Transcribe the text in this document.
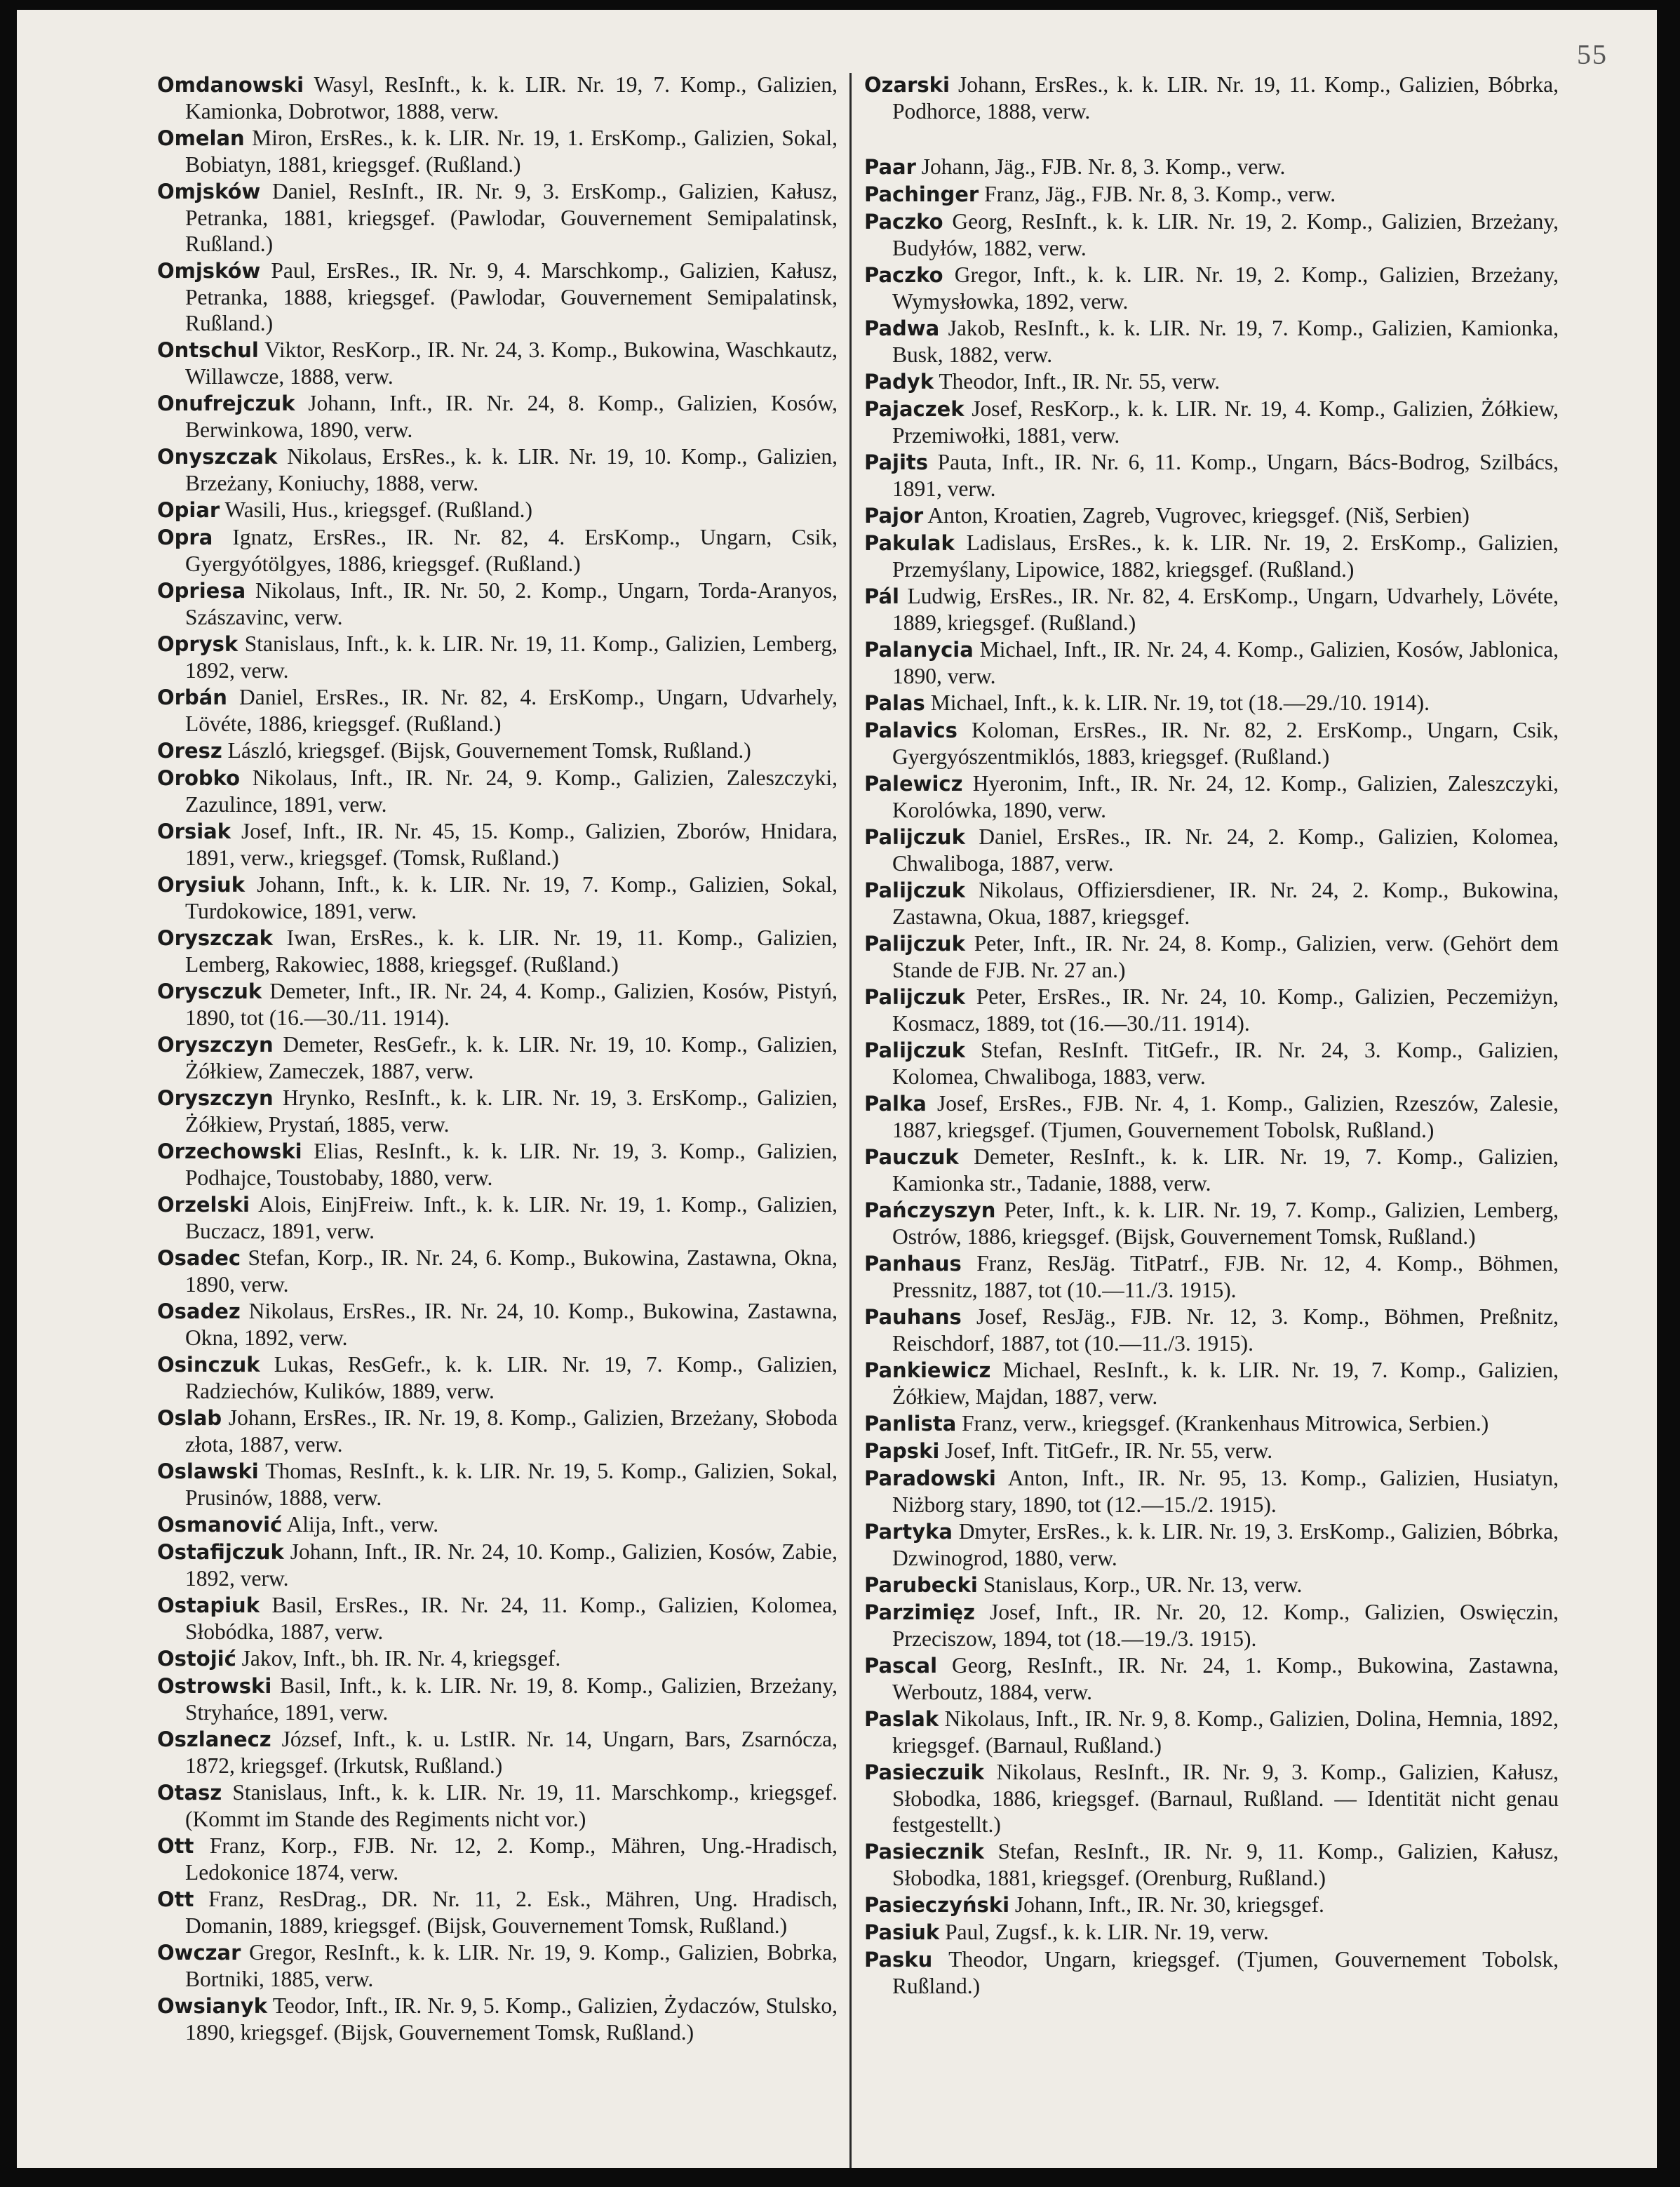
55

Omdanowski Wasyl, ResInft., k. k. LIR. Nr. 19, 7. Komp., Galizien, Kamionka, Dobrotwor, 1888, verw.

Omelan Miron, ErsRes., k. k. LIR. Nr. 19, 1. ErsKomp., Galizien, Sokal, Bobiatyn, 1881, kriegsgef. (Rußland.)

Omjsków Daniel, ResInft., IR. Nr. 9, 3. ErsKomp., Galizien, Kałusz, Petranka, 1881, kriegsgef. (Pawlodar, Gouvernement Semipalatinsk, Rußland.)

Omjsków Paul, ErsRes., IR. Nr. 9, 4. Marschkomp., Galizien, Kałusz, Petranka, 1888, kriegsgef. (Pawlodar, Gouvernement Semipalatinsk, Rußland.)

Ontschul Viktor, ResKorp., IR. Nr. 24, 3. Komp., Bukowina, Waschkautz, Willawcze, 1888, verw.

Onufrejczuk Johann, Inft., IR. Nr. 24, 8. Komp., Galizien, Kosów, Berwinkowa, 1890, verw.

Onyszczak Nikolaus, ErsRes., k. k. LIR. Nr. 19, 10. Komp., Galizien, Brzeżany, Koniuchy, 1888, verw.

Opiar Wasili, Hus., kriegsgef. (Rußland.)

Opra Ignatz, ErsRes., IR. Nr. 82, 4. ErsKomp., Ungarn, Csik, Gyergyótölgyes, 1886, kriegsgef. (Rußland.)

Opriesa Nikolaus, Inft., IR. Nr. 50, 2. Komp., Ungarn, Torda-Aranyos, Szászavinc, verw.

Oprysk Stanislaus, Inft., k. k. LIR. Nr. 19, 11. Komp., Galizien, Lemberg, 1892, verw.

Orbán Daniel, ErsRes., IR. Nr. 82, 4. ErsKomp., Ungarn, Udvarhely, Lövéte, 1886, kriegsgef. (Rußland.)

Oresz László, kriegsgef. (Bijsk, Gouvernement Tomsk, Rußland.)

Orobko Nikolaus, Inft., IR. Nr. 24, 9. Komp., Galizien, Zaleszczyki, Zazulince, 1891, verw.

Orsiak Josef, Inft., IR. Nr. 45, 15. Komp., Galizien, Zborów, Hnidara, 1891, verw., kriegsgef. (Tomsk, Rußland.)

Orysiuk Johann, Inft., k. k. LIR. Nr. 19, 7. Komp., Galizien, Sokal, Turdokowice, 1891, verw.

Oryszczak Iwan, ErsRes., k. k. LIR. Nr. 19, 11. Komp., Galizien, Lemberg, Rakowiec, 1888, kriegsgef. (Rußland.)

Orysczuk Demeter, Inft., IR. Nr. 24, 4. Komp., Galizien, Kosów, Pistyń, 1890, tot (16.—30./11. 1914).

Oryszczyn Demeter, ResGefr., k. k. LIR. Nr. 19, 10. Komp., Galizien, Żółkiew, Zameczek, 1887, verw.

Oryszczyn Hrynko, ResInft., k. k. LIR. Nr. 19, 3. ErsKomp., Galizien, Żółkiew, Prystań, 1885, verw.

Orzechowski Elias, ResInft., k. k. LIR. Nr. 19, 3. Komp., Galizien, Podhajce, Toustobaby, 1880, verw.

Orzelski Alois, EinjFreiw. Inft., k. k. LIR. Nr. 19, 1. Komp., Galizien, Buczacz, 1891, verw.

Osadec Stefan, Korp., IR. Nr. 24, 6. Komp., Bukowina, Zastawna, Okna, 1890, verw.

Osadez Nikolaus, ErsRes., IR. Nr. 24, 10. Komp., Bukowina, Zastawna, Okna, 1892, verw.

Osinczuk Lukas, ResGefr., k. k. LIR. Nr. 19, 7. Komp., Galizien, Radziechów, Kulików, 1889, verw.

Oslab Johann, ErsRes., IR. Nr. 19, 8. Komp., Galizien, Brzeżany, Słoboda złota, 1887, verw.

Oslawski Thomas, ResInft., k. k. LIR. Nr. 19, 5. Komp., Galizien, Sokal, Prusinów, 1888, verw.

Osmanović Alija, Inft., verw.

Ostafijczuk Johann, Inft., IR. Nr. 24, 10. Komp., Galizien, Kosów, Zabie, 1892, verw.

Ostapiuk Basil, ErsRes., IR. Nr. 24, 11. Komp., Galizien, Kolomea, Słobódka, 1887, verw.

Ostojić Jakov, Inft., bh. IR. Nr. 4, kriegsgef.

Ostrowski Basil, Inft., k. k. LIR. Nr. 19, 8. Komp., Galizien, Brzeżany, Stryhańce, 1891, verw.

Oszlanecz József, Inft., k. u. LstIR. Nr. 14, Ungarn, Bars, Zsarnócza, 1872, kriegsgef. (Irkutsk, Rußland.)

Otasz Stanislaus, Inft., k. k. LIR. Nr. 19, 11. Marschkomp., kriegsgef. (Kommt im Stande des Regiments nicht vor.)

Ott Franz, Korp., FJB. Nr. 12, 2. Komp., Mähren, Ung.-Hradisch, Ledokonice 1874, verw.

Ott Franz, ResDrag., DR. Nr. 11, 2. Esk., Mähren, Ung. Hradisch, Domanin, 1889, kriegsgef. (Bijsk, Gouvernement Tomsk, Rußland.)

Owczar Gregor, ResInft., k. k. LIR. Nr. 19, 9. Komp., Galizien, Bobrka, Bortniki, 1885, verw.

Owsianyk Teodor, Inft., IR. Nr. 9, 5. Komp., Galizien, Żydaczów, Stulsko, 1890, kriegsgef. (Bijsk, Gouvernement Tomsk, Rußland.)

Ozarski Johann, ErsRes., k. k. LIR. Nr. 19, 11. Komp., Galizien, Bóbrka, Podhorce, 1888, verw.

Paar Johann, Jäg., FJB. Nr. 8, 3. Komp., verw.

Pachinger Franz, Jäg., FJB. Nr. 8, 3. Komp., verw.

Paczko Georg, ResInft., k. k. LIR. Nr. 19, 2. Komp., Galizien, Brzeżany, Budyłów, 1882, verw.

Paczko Gregor, Inft., k. k. LIR. Nr. 19, 2. Komp., Galizien, Brzeżany, Wymysłowka, 1892, verw.

Padwa Jakob, ResInft., k. k. LIR. Nr. 19, 7. Komp., Galizien, Kamionka, Busk, 1882, verw.

Padyk Theodor, Inft., IR. Nr. 55, verw.

Pajaczek Josef, ResKorp., k. k. LIR. Nr. 19, 4. Komp., Galizien, Żółkiew, Przemiwołki, 1881, verw.

Pajits Pauta, Inft., IR. Nr. 6, 11. Komp., Ungarn, Bács-Bodrog, Szilbács, 1891, verw.

Pajor Anton, Kroatien, Zagreb, Vugrovec, kriegsgef. (Niš, Serbien)

Pakulak Ladislaus, ErsRes., k. k. LIR. Nr. 19, 2. ErsKomp., Galizien, Przemyślany, Lipowice, 1882, kriegsgef. (Rußland.)

Pál Ludwig, ErsRes., IR. Nr. 82, 4. ErsKomp., Ungarn, Udvarhely, Lövéte, 1889, kriegsgef. (Rußland.)

Palanycia Michael, Inft., IR. Nr. 24, 4. Komp., Galizien, Kosów, Jablonica, 1890, verw.

Palas Michael, Inft., k. k. LIR. Nr. 19, tot (18.—29./10. 1914).

Palavics Koloman, ErsRes., IR. Nr. 82, 2. ErsKomp., Ungarn, Csik, Gyergyószentmiklós, 1883, kriegsgef. (Rußland.)

Palewicz Hyeronim, Inft., IR. Nr. 24, 12. Komp., Galizien, Zaleszczyki, Korolówka, 1890, verw.

Palijczuk Daniel, ErsRes., IR. Nr. 24, 2. Komp., Galizien, Kolomea, Chwaliboga, 1887, verw.

Palijczuk Nikolaus, Offiziersdiener, IR. Nr. 24, 2. Komp., Bukowina, Zastawna, Okua, 1887, kriegsgef.

Palijczuk Peter, Inft., IR. Nr. 24, 8. Komp., Galizien, verw. (Gehört dem Stande de FJB. Nr. 27 an.)

Palijczuk Peter, ErsRes., IR. Nr. 24, 10. Komp., Galizien, Peczemiżyn, Kosmacz, 1889, tot (16.—30./11. 1914).

Palijczuk Stefan, ResInft. TitGefr., IR. Nr. 24, 3. Komp., Galizien, Kolomea, Chwaliboga, 1883, verw.

Palka Josef, ErsRes., FJB. Nr. 4, 1. Komp., Galizien, Rzeszów, Zalesie, 1887, kriegsgef. (Tjumen, Gouvernement Tobolsk, Rußland.)

Pauczuk Demeter, ResInft., k. k. LIR. Nr. 19, 7. Komp., Galizien, Kamionka str., Tadanie, 1888, verw.

Pańczyszyn Peter, Inft., k. k. LIR. Nr. 19, 7. Komp., Galizien, Lemberg, Ostrów, 1886, kriegsgef. (Bijsk, Gouvernement Tomsk, Rußland.)

Panhaus Franz, ResJäg. TitPatrf., FJB. Nr. 12, 4. Komp., Böhmen, Pressnitz, 1887, tot (10.—11./3. 1915).

Pauhans Josef, ResJäg., FJB. Nr. 12, 3. Komp., Böhmen, Preßnitz, Reischdorf, 1887, tot (10.—11./3. 1915).

Pankiewicz Michael, ResInft., k. k. LIR. Nr. 19, 7. Komp., Galizien, Żółkiew, Majdan, 1887, verw.

Panlista Franz, verw., kriegsgef. (Krankenhaus Mitrowica, Serbien.)

Papski Josef, Inft. TitGefr., IR. Nr. 55, verw.

Paradowski Anton, Inft., IR. Nr. 95, 13. Komp., Galizien, Husiatyn, Niżborg stary, 1890, tot (12.—15./2. 1915).

Partyka Dmyter, ErsRes., k. k. LIR. Nr. 19, 3. ErsKomp., Galizien, Bóbrka, Dzwinogrod, 1880, verw.

Parubecki Stanislaus, Korp., UR. Nr. 13, verw.

Parzimięz Josef, Inft., IR. Nr. 20, 12. Komp., Galizien, Oswięczin, Przeciszow, 1894, tot (18.—19./3. 1915).

Pascal Georg, ResInft., IR. Nr. 24, 1. Komp., Bukowina, Zastawna, Werboutz, 1884, verw.

Paslak Nikolaus, Inft., IR. Nr. 9, 8. Komp., Galizien, Dolina, Hemnia, 1892, kriegsgef. (Barnaul, Rußland.)

Pasieczuik Nikolaus, ResInft., IR. Nr. 9, 3. Komp., Galizien, Kałusz, Słobodka, 1886, kriegsgef. (Barnaul, Rußland. — Identität nicht genau festgestellt.)

Pasiecznik Stefan, ResInft., IR. Nr. 9, 11. Komp., Galizien, Kałusz, Słobodka, 1881, kriegsgef. (Orenburg, Rußland.)

Pasieczyński Johann, Inft., IR. Nr. 30, kriegsgef.

Pasiuk Paul, Zugsf., k. k. LIR. Nr. 19, verw.

Pasku Theodor, Ungarn, kriegsgef. (Tjumen, Gouvernement Tobolsk, Rußland.)
